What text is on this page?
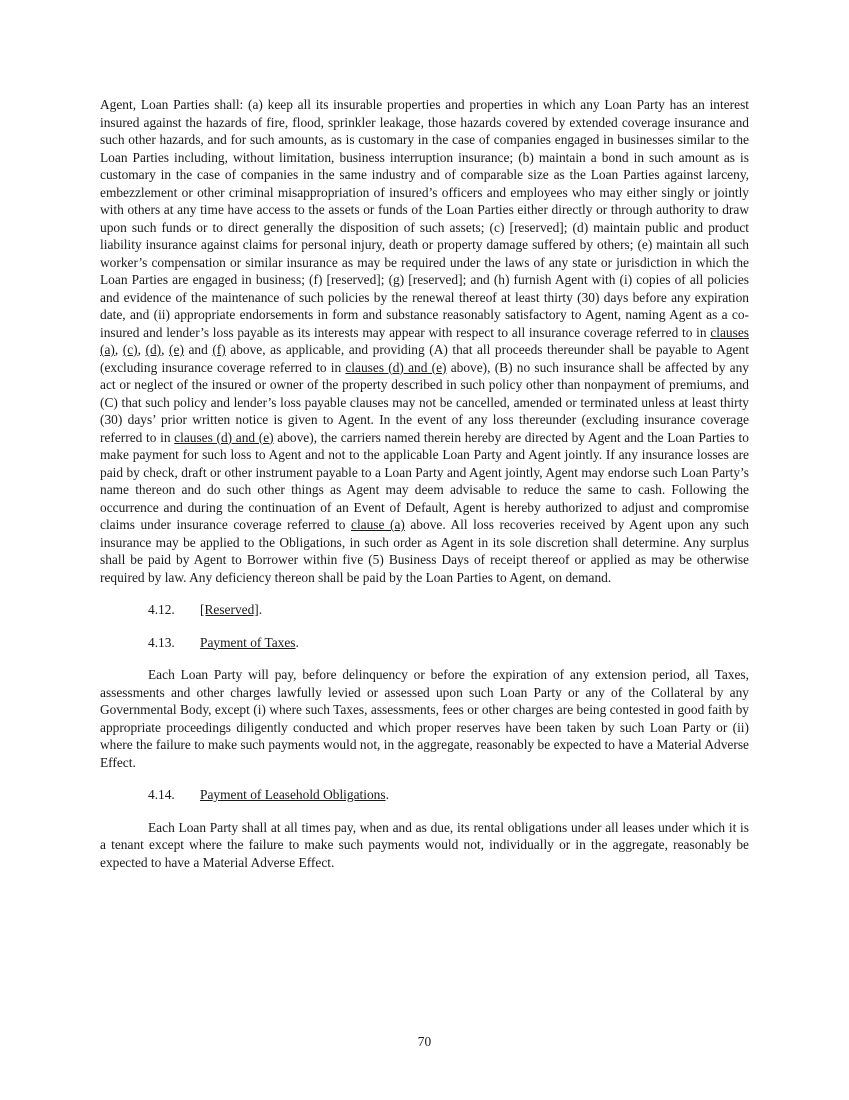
Agent, Loan Parties shall: (a) keep all its insurable properties and properties in which any Loan Party has an interest insured against the hazards of fire, flood, sprinkler leakage, those hazards covered by extended coverage insurance and such other hazards, and for such amounts, as is customary in the case of companies engaged in businesses similar to the Loan Parties including, without limitation, business interruption insurance; (b) maintain a bond in such amount as is customary in the case of companies in the same industry and of comparable size as the Loan Parties against larceny, embezzlement or other criminal misappropriation of insured’s officers and employees who may either singly or jointly with others at any time have access to the assets or funds of the Loan Parties either directly or through authority to draw upon such funds or to direct generally the disposition of such assets; (c) [reserved]; (d) maintain public and product liability insurance against claims for personal injury, death or property damage suffered by others; (e) maintain all such worker’s compensation or similar insurance as may be required under the laws of any state or jurisdiction in which the Loan Parties are engaged in business; (f) [reserved]; (g) [reserved]; and (h) furnish Agent with (i) copies of all policies and evidence of the maintenance of such policies by the renewal thereof at least thirty (30) days before any expiration date, and (ii) appropriate endorsements in form and substance reasonably satisfactory to Agent, naming Agent as a co-insured and lender’s loss payable as its interests may appear with respect to all insurance coverage referred to in clauses (a), (c), (d), (e) and (f) above, as applicable, and providing (A) that all proceeds thereunder shall be payable to Agent (excluding insurance coverage referred to in clauses (d) and (e) above), (B) no such insurance shall be affected by any act or neglect of the insured or owner of the property described in such policy other than nonpayment of premiums, and (C) that such policy and lender’s loss payable clauses may not be cancelled, amended or terminated unless at least thirty (30) days’ prior written notice is given to Agent. In the event of any loss thereunder (excluding insurance coverage referred to in clauses (d) and (e) above), the carriers named therein hereby are directed by Agent and the Loan Parties to make payment for such loss to Agent and not to the applicable Loan Party and Agent jointly. If any insurance losses are paid by check, draft or other instrument payable to a Loan Party and Agent jointly, Agent may endorse such Loan Party’s name thereon and do such other things as Agent may deem advisable to reduce the same to cash. Following the occurrence and during the continuation of an Event of Default, Agent is hereby authorized to adjust and compromise claims under insurance coverage referred to clause (a) above. All loss recoveries received by Agent upon any such insurance may be applied to the Obligations, in such order as Agent in its sole discretion shall determine. Any surplus shall be paid by Agent to Borrower within five (5) Business Days of receipt thereof or applied as may be otherwise required by law. Any deficiency thereon shall be paid by the Loan Parties to Agent, on demand.

4.12. [Reserved].

4.13. Payment of Taxes.

Each Loan Party will pay, before delinquency or before the expiration of any extension period, all Taxes, assessments and other charges lawfully levied or assessed upon such Loan Party or any of the Collateral by any Governmental Body, except (i) where such Taxes, assessments, fees or other charges are being contested in good faith by appropriate proceedings diligently conducted and which proper reserves have been taken by such Loan Party or (ii) where the failure to make such payments would not, in the aggregate, reasonably be expected to have a Material Adverse Effect.

4.14. Payment of Leasehold Obligations.

Each Loan Party shall at all times pay, when and as due, its rental obligations under all leases under which it is a tenant except where the failure to make such payments would not, individually or in the aggregate, reasonably be expected to have a Material Adverse Effect.

70
